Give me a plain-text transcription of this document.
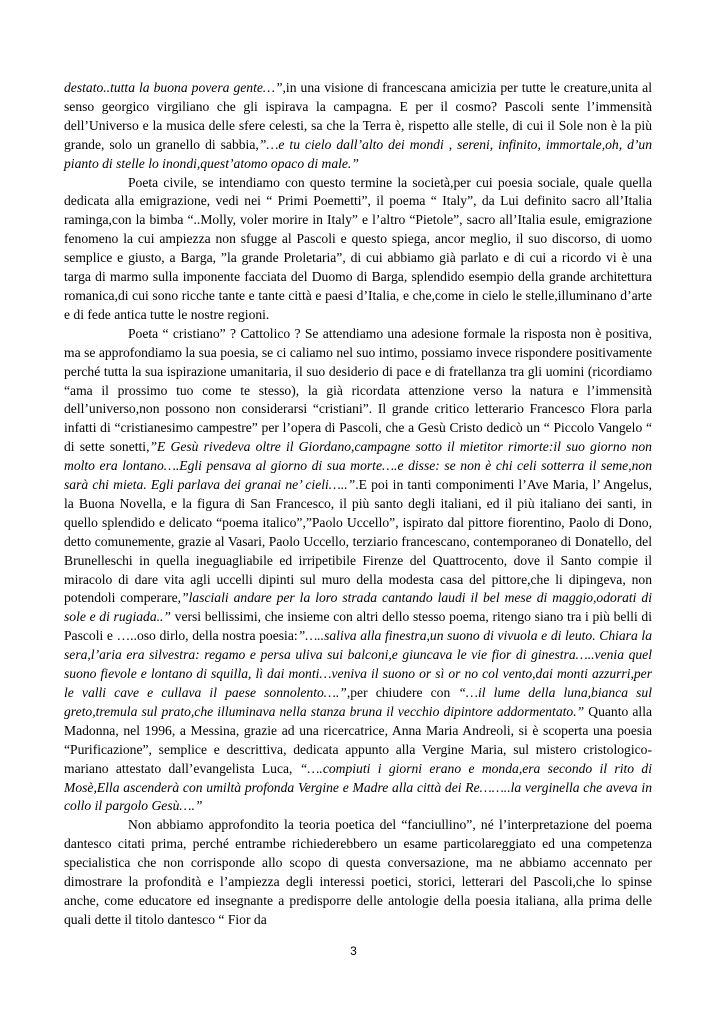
destato..tutta la buona povera gente…”,in una visione di francescana amicizia per tutte le creature,unita al senso georgico virgiliano che gli ispirava la campagna. E per il cosmo? Pascoli sente l’immensità dell’Universo e la musica delle sfere celesti, sa che la Terra è, rispetto alle stelle, di cui il Sole non è la più grande, solo un granello di sabbia,”…e tu cielo dall’alto dei mondi , sereni, infinito, immortale,oh, d’un pianto di stelle lo inondi,quest’atomo opaco di male.”

Poeta civile, se intendiamo con questo termine la società,per cui poesia sociale, quale quella dedicata alla emigrazione, vedi nei “ Primi Poemetti”, il poema “ Italy”, da Lui definito sacro all’Italia raminga,con la bimba “..Molly, voler morire in Italy” e l’altro “Pietole”, sacro all’Italia esule, emigrazione fenomeno la cui ampiezza non sfugge al Pascoli e questo spiega, ancor meglio, il suo discorso, di uomo semplice e giusto, a Barga, ”la grande Proletaria”, di cui abbiamo già parlato e di cui a ricordo vi è una targa di marmo sulla imponente facciata del Duomo di Barga, splendido esempio della grande architettura romanica,di cui sono ricche tante e tante città e paesi d’Italia, e che,come in cielo le stelle,illuminano d’arte e di fede antica tutte le nostre regioni.

Poeta “ cristiano” ? Cattolico ? Se attendiamo una adesione formale la risposta non è positiva, ma se approfondiamo la sua poesia, se ci caliamo nel suo intimo, possiamo invece rispondere positivamente perché tutta la sua ispirazione umanitaria, il suo desiderio di pace e di fratellanza tra gli uomini (ricordiamo “ama il prossimo tuo come te stesso), la già ricordata attenzione verso la natura e l’immensità dell’universo,non possono non considerarsi “cristiani”. Il grande critico letterario Francesco Flora parla infatti di “cristianesimo campestre” per l’opera di Pascoli, che a Gesù Cristo dedicò un “ Piccolo Vangelo “ di sette sonetti,”E Gesù rivedeva oltre il Giordano,campagne sotto il mietitor rimorte:il suo giorno non molto era lontano….Egli pensava al giorno di sua morte….e disse: se non è chi celi sotterra il seme,non sarà chi mieta. Egli parlava dei granai ne’ cieli…..”.E poi in tanti componimenti l’Ave Maria, l’ Angelus, la Buona Novella, e la figura di San Francesco, il più santo degli italiani, ed il più italiano dei santi, in quello splendido e delicato “poema italico”,”Paolo Uccello”, ispirato dal pittore fiorentino, Paolo di Dono, detto comunemente, grazie al Vasari, Paolo Uccello, terziario francescano, contemporaneo di Donatello, del Brunelleschi in quella ineguagliabile ed irripetibile Firenze del Quattrocento, dove il Santo compie il miracolo di dare vita agli uccelli dipinti sul muro della modesta casa del pittore,che li dipingeva, non potendoli comperare,”lasciali andare per la loro strada cantando laudi il bel mese di maggio,odorati di sole e di rugiada..” versi bellissimi, che insieme con altri dello stesso poema, ritengo siano tra i più belli di Pascoli e …..oso dirlo, della nostra poesia:”…..saliva alla finestra,un suono di vivuola e di leuto. Chiara la sera,l’aria era silvestra: regamo e persa uliva sui balconi,e giuncava le vie fior di ginestra…..venia quel suono fievole e lontano di squilla, lì dai monti…veniva il suono or sì or no col vento,dai monti azzurri,per le valli cave e cullava il paese sonnolento….”,per chiudere con “…il lume della luna,bianca sul greto,tremula sul prato,che illuminava nella stanza bruna il vecchio dipintore addormentato.” Quanto alla Madonna, nel 1996, a Messina, grazie ad una ricercatrice, Anna Maria Andreoli, si è scoperta una poesia “Purificazione”, semplice e descrittiva, dedicata appunto alla Vergine Maria, sul mistero cristologico-mariano attestato dall’evangelista Luca, “….compiuti i giorni erano e monda,era secondo il rito di Mosè,Ella ascenderà con umiltà profonda Vergine e Madre alla città dei Re……..la verginella che aveva in collo il pargolo Gesù….”

Non abbiamo approfondito la teoria poetica del “fanciullino”, né l’interpretazione del poema dantesco citati prima, perché entrambe richiederebbero un esame particolareggiato ed una competenza specialistica che non corrisponde allo scopo di questa conversazione, ma ne abbiamo accennato per dimostrare la profondità e l’ampiezza degli interessi poetici, storici, letterari del Pascoli,che lo spinse anche, come educatore ed insegnante a predisporre delle antologie della poesia italiana, alla prima delle quali dette il titolo dantesco “ Fior da

3
